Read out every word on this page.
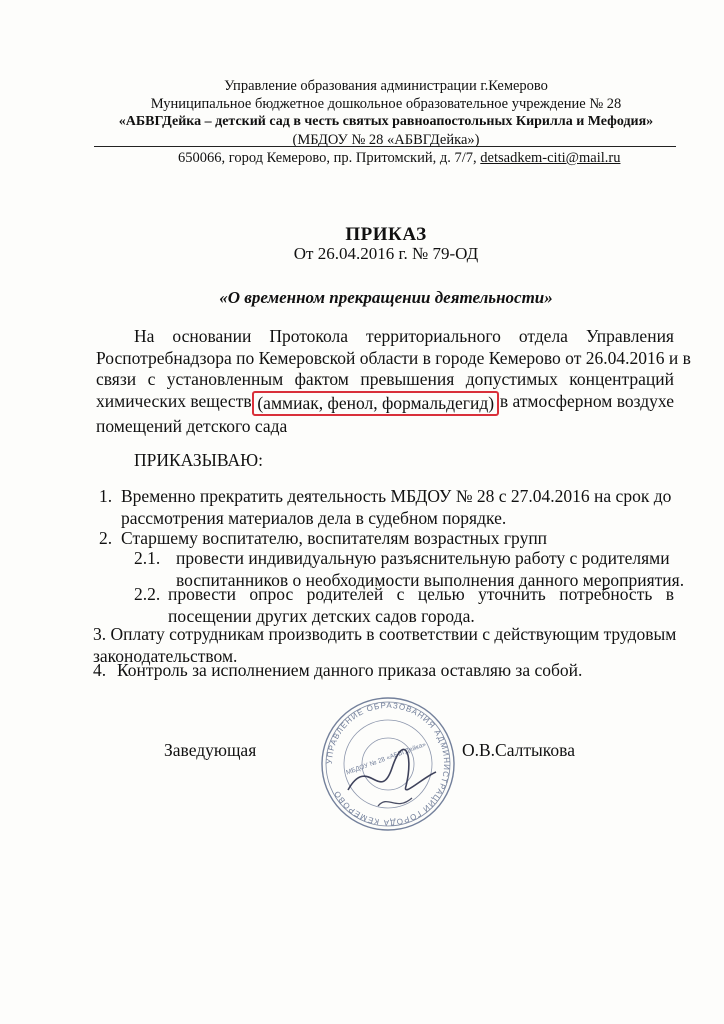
Управление образования администрации г.Кемерово
Муниципальное бюджетное дошкольное образовательное учреждение № 28
«АБВГДейка – детский сад в честь святых равноапостольных Кирилла и Мефодия»
(МБДОУ № 28 «АБВГДейка»)
650066, город Кемерово, пр. Притомский, д. 7/7, detsadkem-citi@mail.ru
ПРИКАЗ
От 26.04.2016 г. № 79-ОД
«О временном прекращении деятельности»
На основании Протокола территориального отдела Управления
Роспотребнадзора по Кемеровской области в городе Кемерово от 26.04.2016 и в
связи с установленным фактом превышения допустимых концентраций
химических веществ (аммиак, фенол, формальдегид) в атмосферном воздухе
помещений детского сада
ПРИКАЗЫВАЮ:
1. Временно прекратить деятельность МБДОУ № 28 с 27.04.2016 на срок до
рассмотрения материалов дела в судебном порядке.
2. Старшему воспитателю, воспитателям возрастных групп
2.1. провести индивидуальную разъяснительную работу с родителями
воспитанников о необходимости выполнения данного мероприятия.
2.2. провести опрос родителей с целью уточнить потребность в
посещении других детских садов города.
3. Оплату сотрудникам производить в соответствии с действующим трудовым
законодательством.
4. Контроль за исполнением данного приказа оставляю за собой.
Заведующая	О.В.Салтыкова
УПРАВЛЕНИЕ ОБРАЗОВАНИЯ АДМИНИСТРАЦИИ ГОРОДА КЕМЕРОВО
МБДОУ № 28 «АБВГДейка»
